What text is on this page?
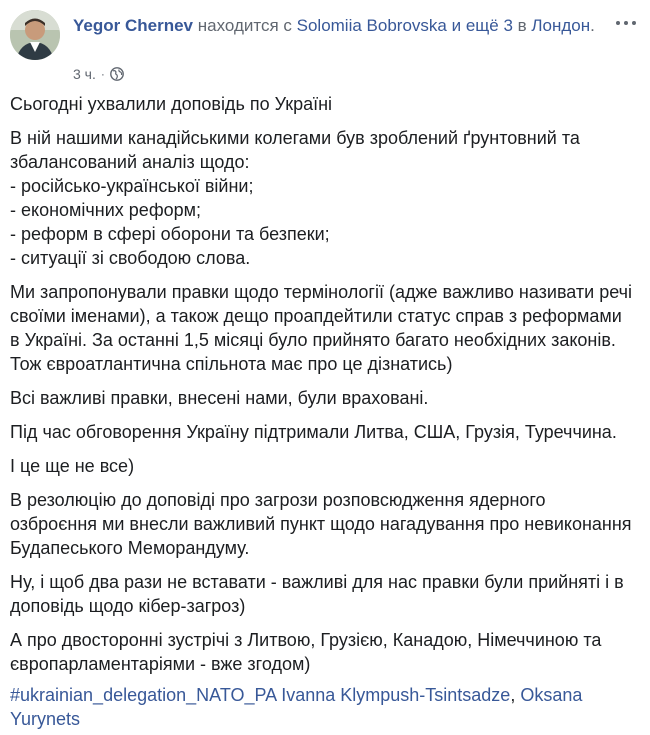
Yegor Chernev находится с Solomiia Bobrovska и ещё 3 в Лондон.
3 ч. ·

Сьогодні ухвалили доповідь по Україні

В ній нашими канадійськими колегами був зроблений ґрунтовний та збалансований аналіз щодо:
- російсько-української війни;
- економічних реформ;
- реформ в сфері оборони та безпеки;
- ситуації зі свободою слова.

Ми запропонували правки щодо термінології (адже важливо називати речі своїми іменами), а також дещо проапдейтили статус справ з реформами в Україні. За останні 1,5 місяці було прийнято багато необхідних законів. Тож євроатлантична спільнота має про це дізнатись)

Всі важливі правки, внесені нами, були враховані.

Під час обговорення Україну підтримали Литва, США, Грузія, Туреччина.

І це ще не все)

В резолюцію до доповіді про загрози розповсюдження ядерного озброєння ми внесли важливий пункт щодо нагадування про невиконання Будапеського Меморандуму.

Ну, і щоб два рази не вставати - важливі для нас правки були прийняті і в доповідь щодо кібер-загроз)

А про двосторонні зустрічі з Литвою, Грузією, Канадою, Німеччиною та європарламентаріями - вже згодом)

#ukrainian_delegation_NATO_PA Ivanna Klympush-Tsintsadze, Oksana Yurynets
